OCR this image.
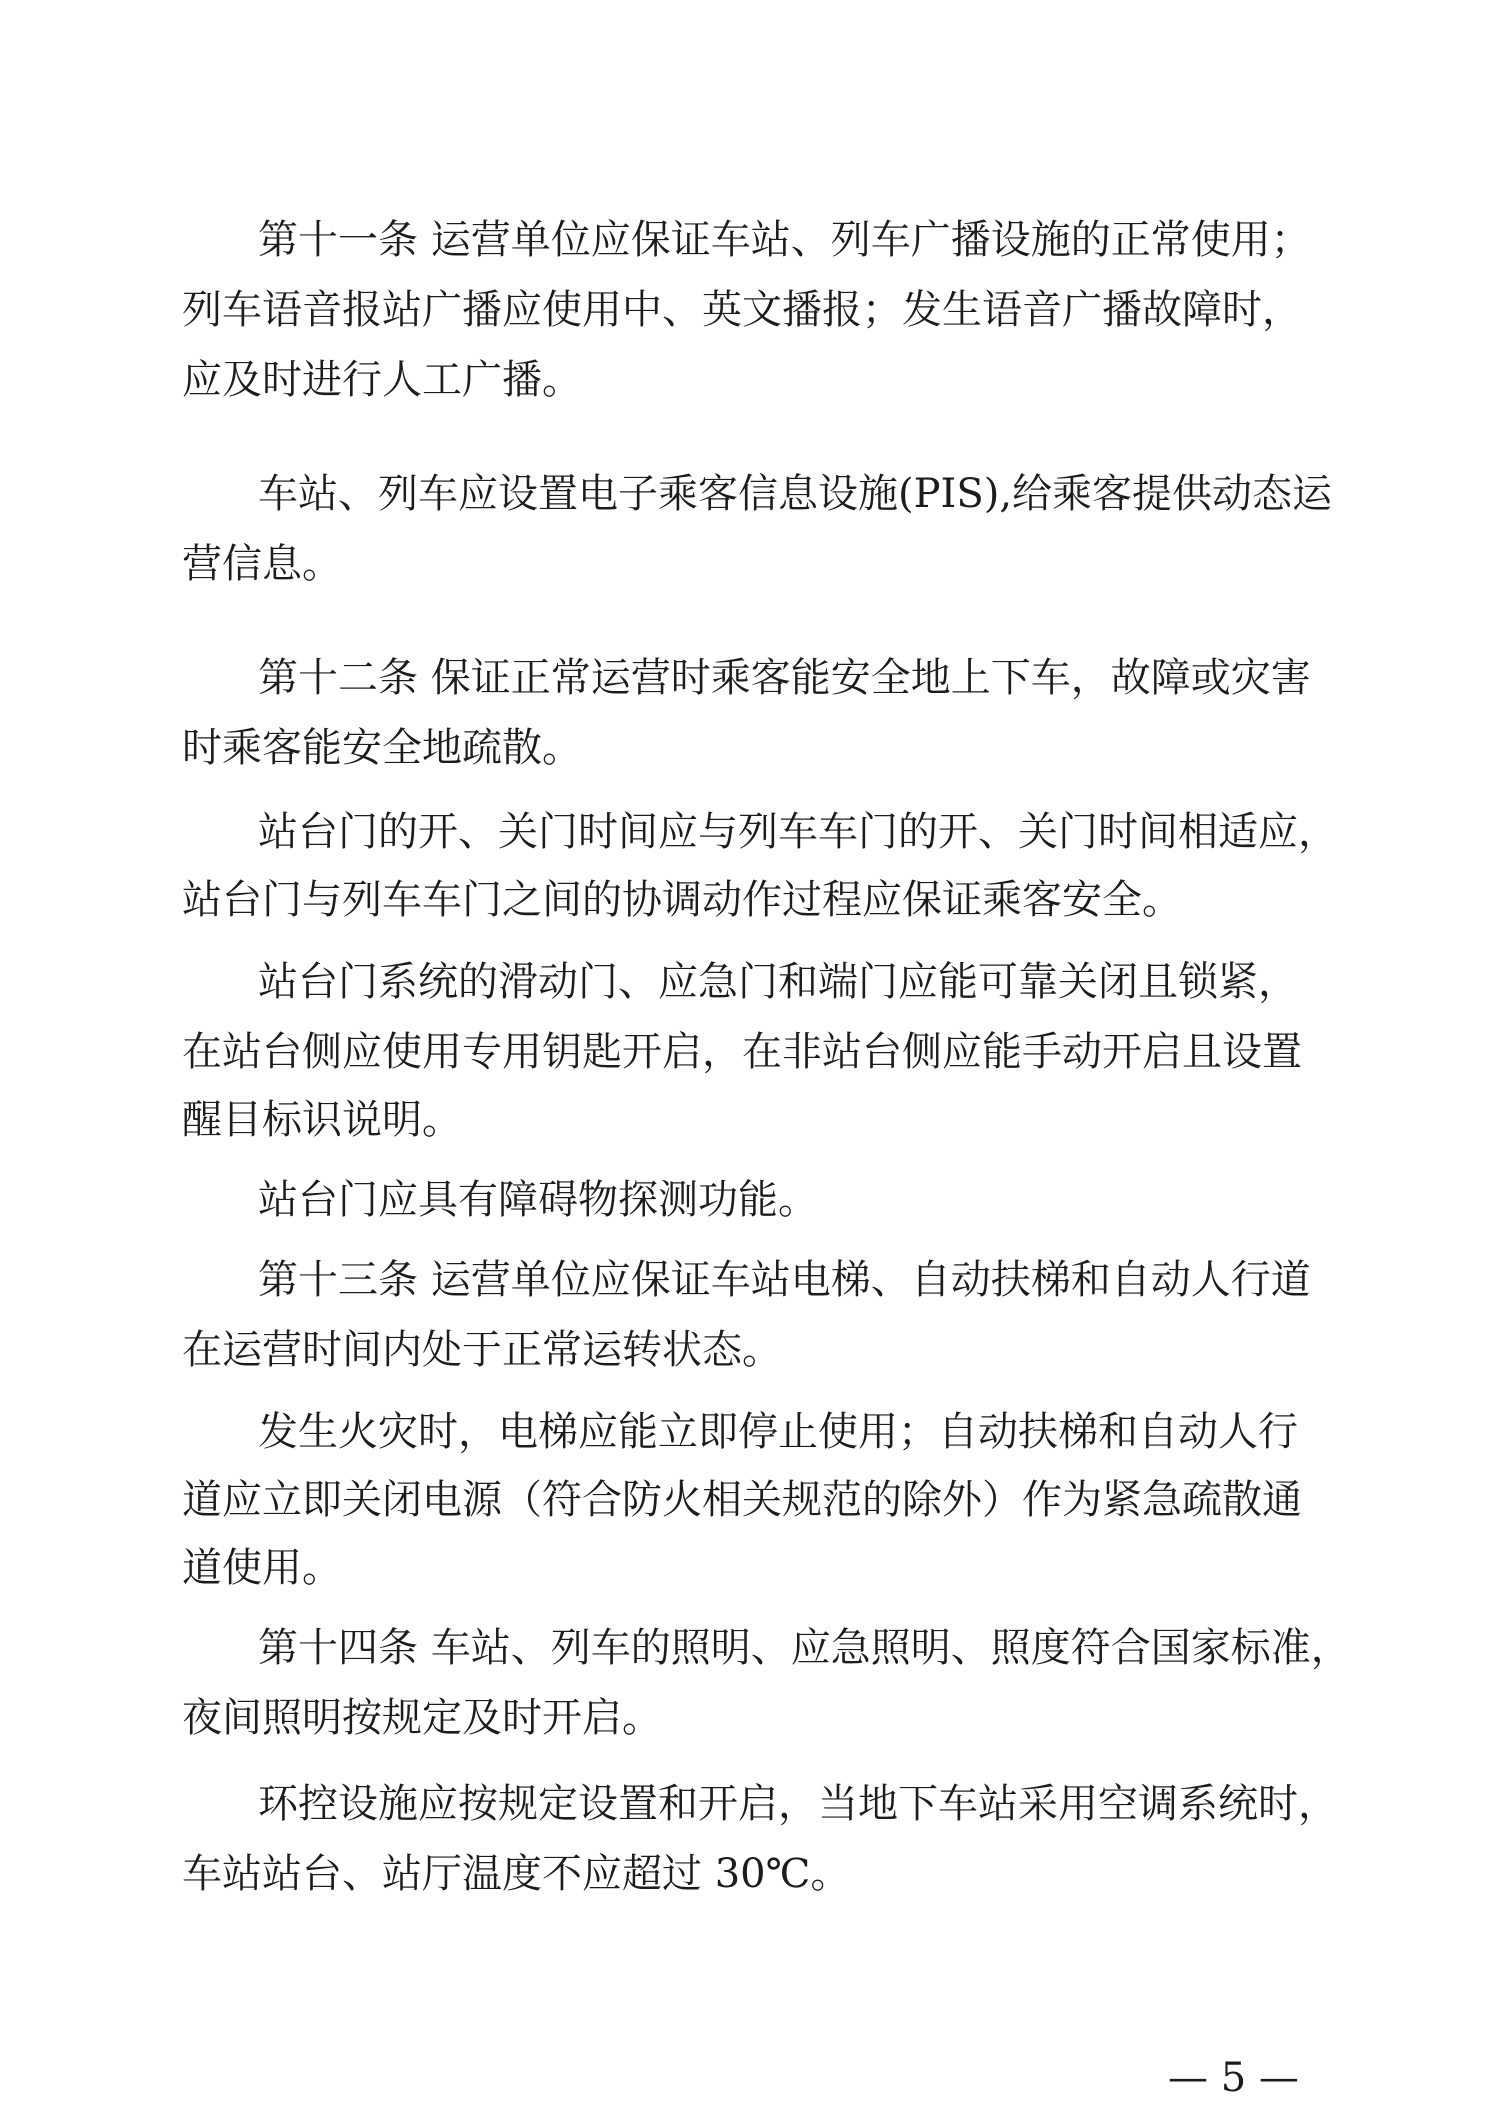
第十一条 运营单位应保证车站、列车广播设施的正常使用；
列车语音报站广播应使用中、英文播报；发生语音广播故障时，
应及时进行人工广播。
车站、列车应设置电子乘客信息设施(PIS),给乘客提供动态运
营信息。
第十二条 保证正常运营时乘客能安全地上下车，故障或灾害
时乘客能安全地疏散。
站台门的开、关门时间应与列车车门的开、关门时间相适应，
站台门与列车车门之间的协调动作过程应保证乘客安全。
站台门系统的滑动门、应急门和端门应能可靠关闭且锁紧，
在站台侧应使用专用钥匙开启，在非站台侧应能手动开启且设置
醒目标识说明。
站台门应具有障碍物探测功能。
第十三条 运营单位应保证车站电梯、自动扶梯和自动人行道
在运营时间内处于正常运转状态。
发生火灾时，电梯应能立即停止使用；自动扶梯和自动人行
道应立即关闭电源（符合防火相关规范的除外）作为紧急疏散通
道使用。
第十四条 车站、列车的照明、应急照明、照度符合国家标准，
夜间照明按规定及时开启。
环控设施应按规定设置和开启，当地下车站采用空调系统时，
车站站台、站厅温度不应超过 30℃。
— 5 —
